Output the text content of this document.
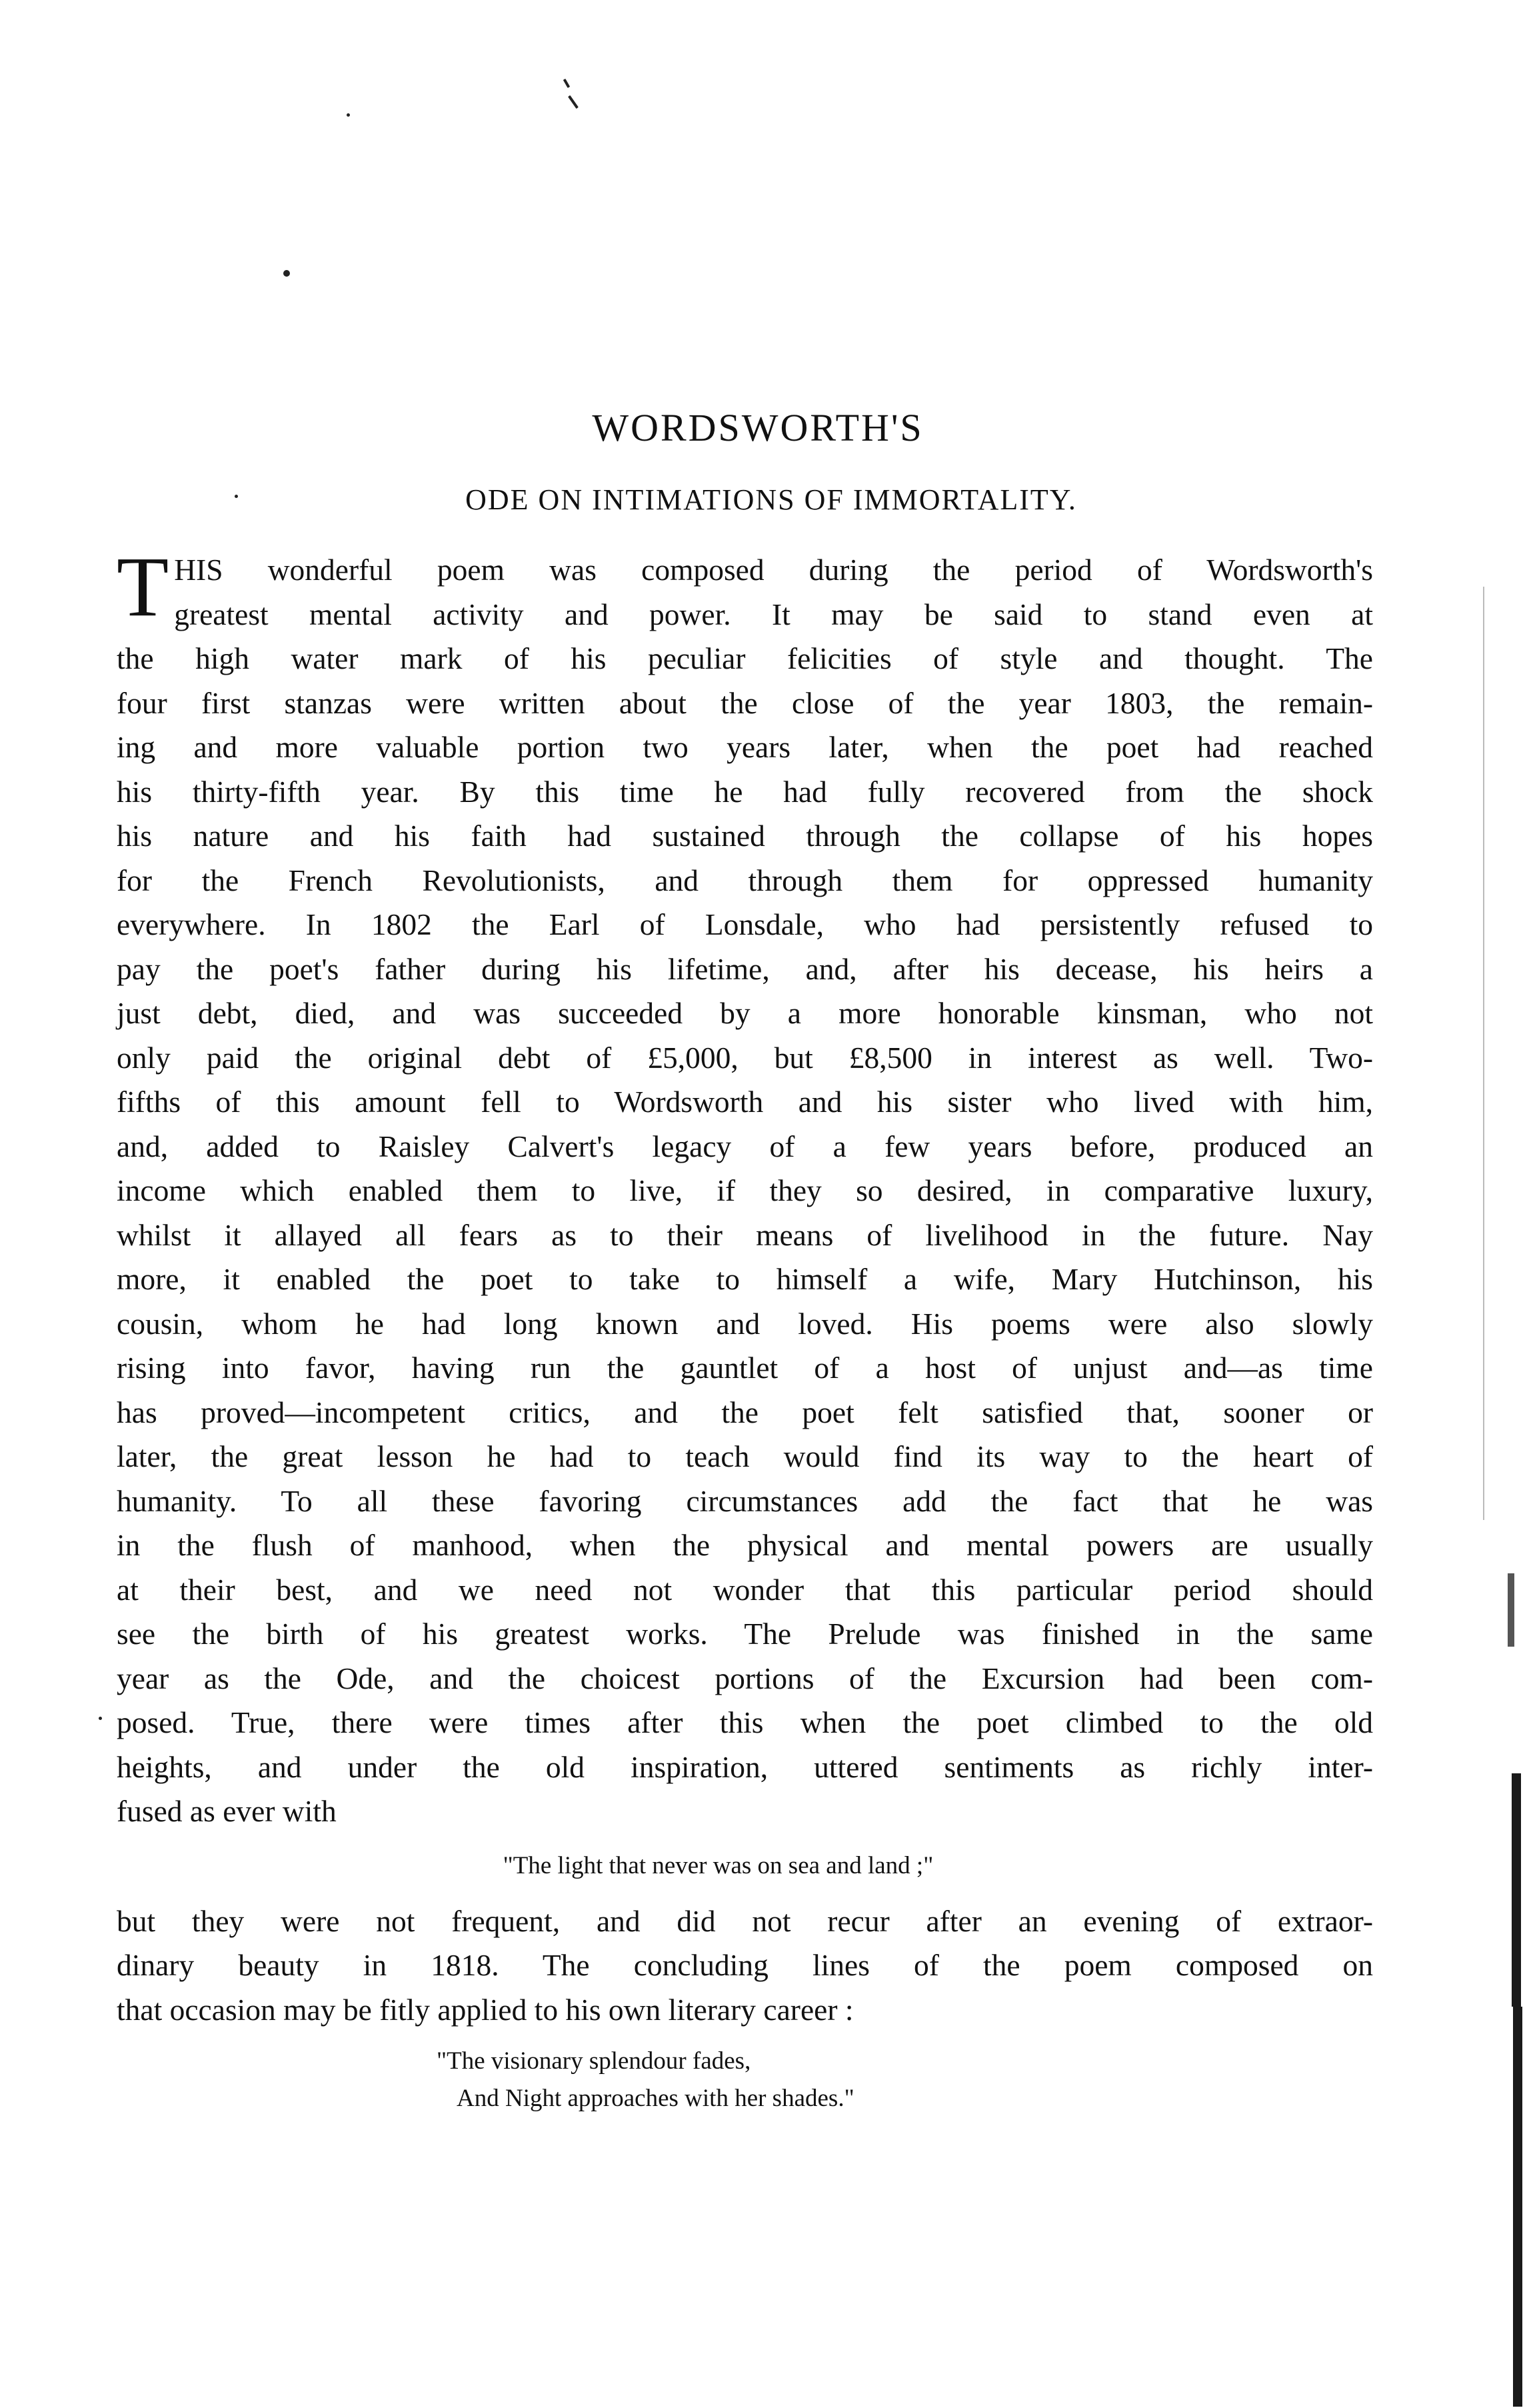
WORDSWORTH'S
ODE ON INTIMATIONS OF IMMORTALITY.

T HIS wonderful poem was composed during the period of Wordsworth's
greatest mental activity and power. It may be said to stand even at
the high water mark of his peculiar felicities of style and thought. The
four first stanzas were written about the close of the year 1803, the remain-
ing and more valuable portion two years later, when the poet had reached
his thirty-fifth year. By this time he had fully recovered from the shock
his nature and his faith had sustained through the collapse of his hopes
for the French Revolutionists, and through them for oppressed humanity
everywhere. In 1802 the Earl of Lonsdale, who had persistently refused to
pay the poet's father during his lifetime, and, after his decease, his heirs a
just debt, died, and was succeeded by a more honorable kinsman, who not
only paid the original debt of £5,000, but £8,500 in interest as well. Two-
fifths of this amount fell to Wordsworth and his sister who lived with him,
and, added to Raisley Calvert's legacy of a few years before, produced an
income which enabled them to live, if they so desired, in comparative luxury,
whilst it allayed all fears as to their means of livelihood in the future. Nay
more, it enabled the poet to take to himself a wife, Mary Hutchinson, his
cousin, whom he had long known and loved. His poems were also slowly
rising into favor, having run the gauntlet of a host of unjust and—as time
has proved—incompetent critics, and the poet felt satisfied that, sooner or
later, the great lesson he had to teach would find its way to the heart of
humanity. To all these favoring circumstances add the fact that he was
in the flush of manhood, when the physical and mental powers are usually
at their best, and we need not wonder that this particular period should
see the birth of his greatest works. The Prelude was finished in the same
year as the Ode, and the choicest portions of the Excursion had been com-
posed. True, there were times after this when the poet climbed to the old
heights, and under the old inspiration, uttered sentiments as richly inter-
fused as ever with

"The light that never was on sea and land ;"

but they were not frequent, and did not recur after an evening of extraor-
dinary beauty in 1818. The concluding lines of the poem composed on
that occasion may be fitly applied to his own literary career :

"The visionary splendour fades,
And Night approaches with her shades."
